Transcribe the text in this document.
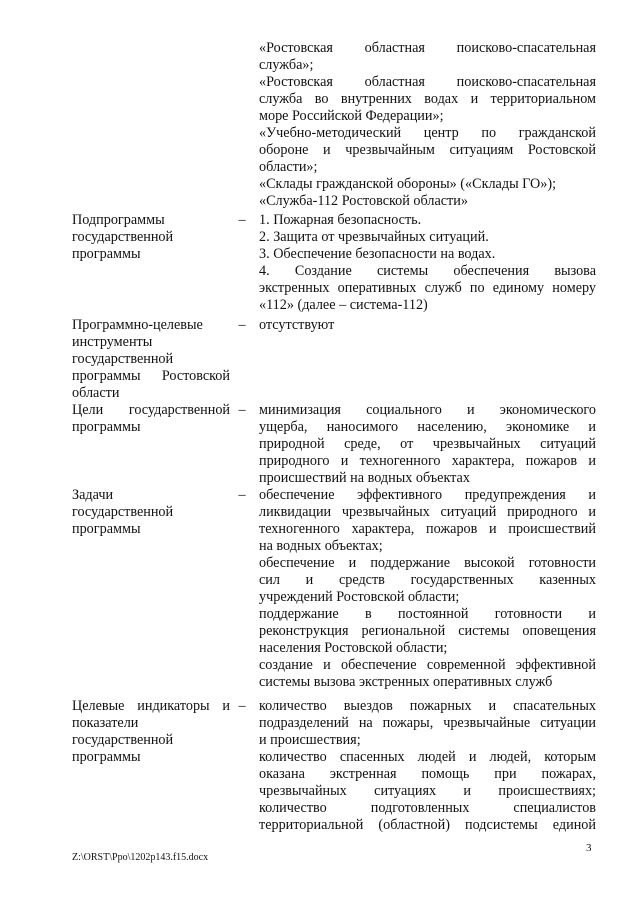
«Ростовская областная поисково-спасательная
служба»;
«Ростовская областная поисково-спасательная
служба во внутренних водах и территориальном
море Российской Федерации»;
«Учебно-методический центр по гражданской
обороне и чрезвычайным ситуациям Ростовской
области»;
«Склады гражданской обороны» («Склады ГО»);
«Служба-112 Ростовской области»
Подпрограммы
государственной
программы
– 1. Пожарная безопасность.
2. Защита от чрезвычайных ситуаций.
3. Обеспечение безопасности на водах.
4. Создание системы обеспечения вызова
экстренных оперативных служб по единому номеру
«112» (далее – система-112)
Программно-целевые
инструменты
государственной
программы Ростовской
области
– отсутствуют
Цели государственной
программы
– минимизация социального и экономического
ущерба, наносимого населению, экономике и
природной среде, от чрезвычайных ситуаций
природного и техногенного характера, пожаров и
происшествий на водных объектах
Задачи
государственной
программы
– обеспечение эффективного предупреждения и
ликвидации чрезвычайных ситуаций природного и
техногенного характера, пожаров и происшествий
на водных объектах;
обеспечение и поддержание высокой готовности
сил и средств государственных казенных
учреждений Ростовской области;
поддержание в постоянной готовности и
реконструкция региональной системы оповещения
населения Ростовской области;
создание и обеспечение современной эффективной
системы вызова экстренных оперативных служб
Целевые индикаторы и
показатели
государственной
программы
– количество выездов пожарных и спасательных
подразделений на пожары, чрезвычайные ситуации
и происшествия;
количество спасенных людей и людей, которым
оказана экстренная помощь при пожарах,
чрезвычайных ситуациях и происшествиях;
количество подготовленных специалистов
территориальной (областной) подсистемы единой
3
Z:\ORST\Ppo\1202p143.f15.docx
